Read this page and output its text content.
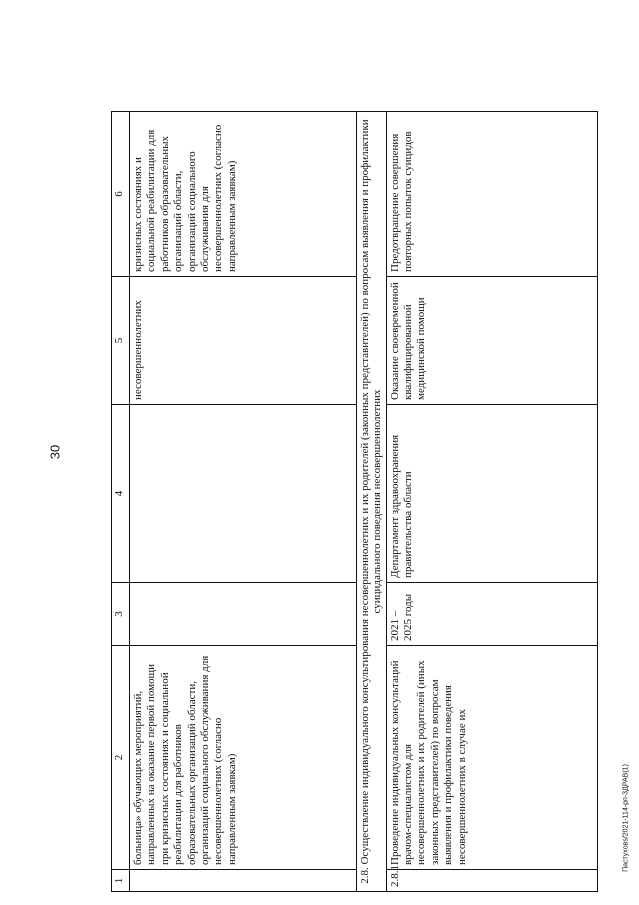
30
1	2	3	4	5	6
	больница» обучающих мероприятий, направленных на оказание первой помощи при кризисных состояниях и социальной реабилитации для работников образовательных организаций области, организаций социального обслуживания для несовершеннолетних (согласно направленным заявкам)			несовершеннолетних	кризисных состояниях и социальной реабилитации для работников образовательных организаций области, организаций социального обслуживания для несовершеннолетних (согласно направленным заявкам)
2.8. Осуществление индивидуального консультирования несовершеннолетних и их родителей (законных представителей) по вопросам выявления и профилактики суицидального поведения несовершеннолетних					
2.8.1	Проведение индивидуальных консультаций врачом-специалистом для несовершеннолетних и их родителей (иных законных представителей) по вопросам выявления и профилактики поведения несовершеннолетних в случае их	2021 – 2025 годы	Департамент здравоохранения правительства области	Оказание своевременной квалифицированной медицинской помощи	Предотвращение совершения повторных попыток суицидов
Пастуховs/2021-114-pп-3ДРАВ(1)
